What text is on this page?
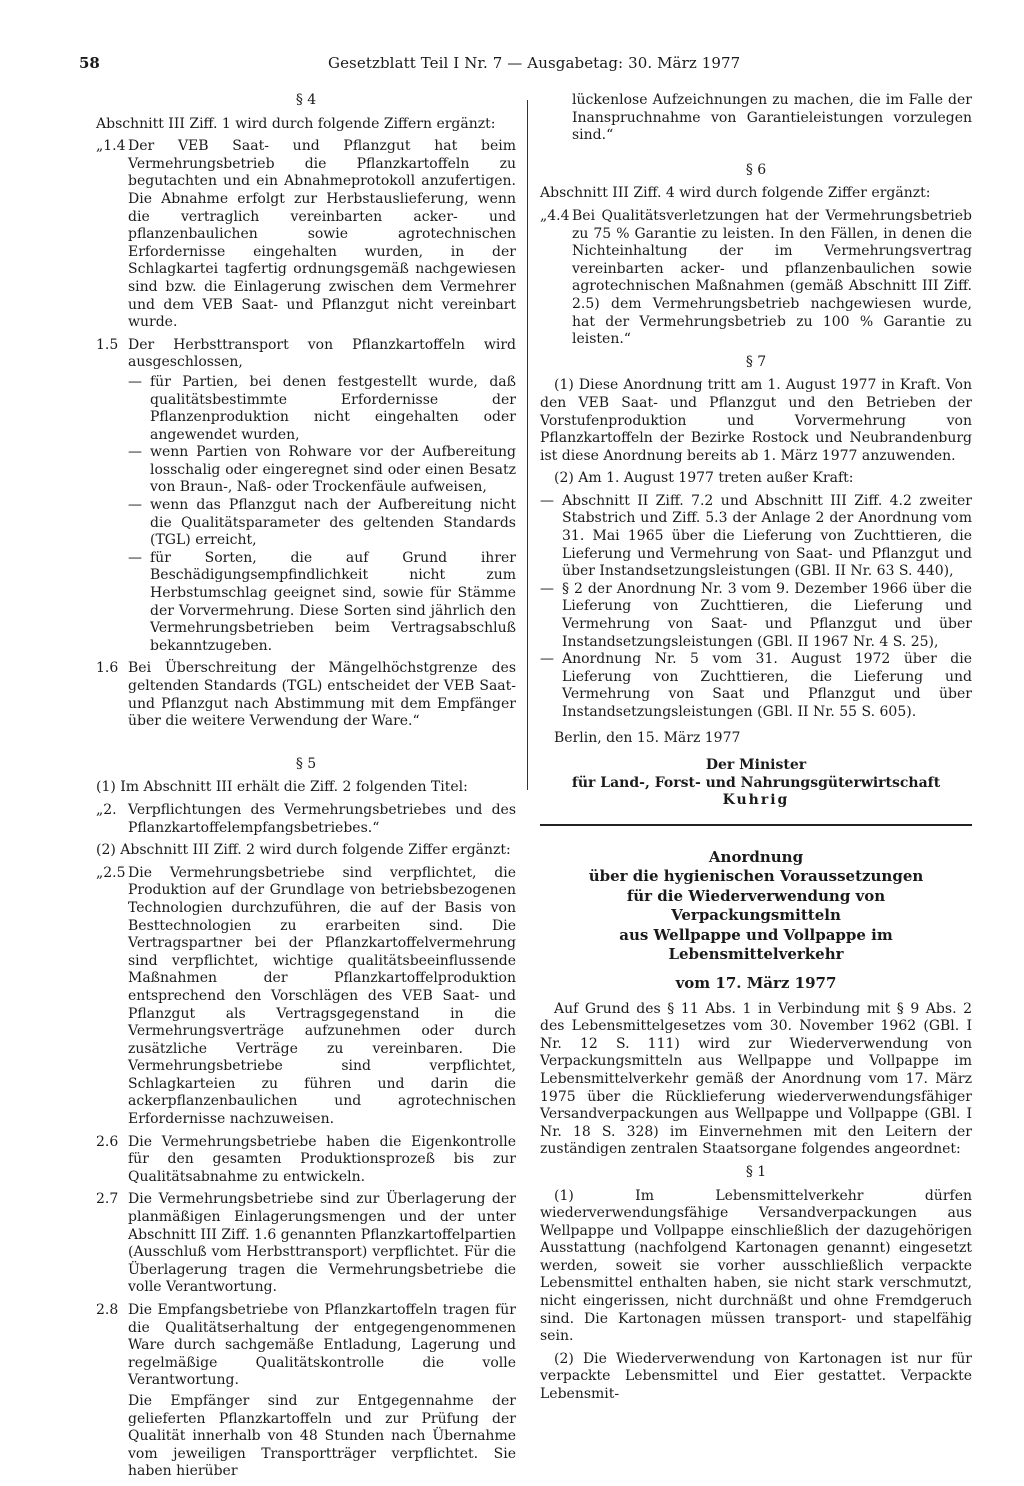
58	Gesetzblatt Teil I Nr. 7 — Ausgabetag: 30. März 1977
§ 4

Abschnitt III Ziff. 1 wird durch folgende Ziffern ergänzt:

„1.4 Der VEB Saat- und Pflanzgut hat beim Vermehrungsbetrieb die Pflanzkartoffeln zu begutachten und ein Abnahmeprotokoll anzufertigen. Die Abnahme erfolgt zur Herbstauslieferung, wenn die vertraglich vereinbarten acker- und pflanzenbaulichen sowie agrotechnischen Erfordernisse eingehalten wurden, in der Schlagkartei tagfertig ordnungsgemäß nachgewiesen sind bzw. die Einlagerung zwischen dem Vermehrer und dem VEB Saat- und Pflanzgut nicht vereinbart wurde.
1.5 Der Herbsttransport von Pflanzkartoffeln wird ausgeschlossen,
— für Partien, bei denen festgestellt wurde, daß qualitätsbestimmte Erfordernisse der Pflanzenproduktion nicht eingehalten oder angewendet wurden,
— wenn Partien von Rohware vor der Aufbereitung losschalig oder eingeregnet sind oder einen Besatz von Braun-, Naß- oder Trockenfäule aufweisen,
— wenn das Pflanzgut nach der Aufbereitung nicht die Qualitätsparameter des geltenden Standards (TGL) erreicht,
— für Sorten, die auf Grund ihrer Beschädigungsempfindlichkeit nicht zum Herbstumschlag geeignet sind, sowie für Stämme der Vorvermehrung. Diese Sorten sind jährlich den Vermehrungsbetrieben beim Vertragsabschluß bekanntzugeben.
1.6 Bei Überschreitung der Mängelhöchstgrenze des geltenden Standards (TGL) entscheidet der VEB Saat- und Pflanzgut nach Abstimmung mit dem Empfänger über die weitere Verwendung der Ware.“
§ 5

(1) Im Abschnitt III erhält die Ziff. 2 folgenden Titel:

„2. Verpflichtungen des Vermehrungsbetriebes und des Pflanzkartoffelempfangsbetriebes.“

(2) Abschnitt III Ziff. 2 wird durch folgende Ziffer ergänzt:

„2.5 Die Vermehrungsbetriebe sind verpflichtet, die Produktion auf der Grundlage von betriebsbezogenen Technologien durchzuführen, die auf der Basis von Besttechnologien zu erarbeiten sind. Die Vertragspartner bei der Pflanzkartoffelvermehrung sind verpflichtet, wichtige qualitätsbeeinflussende Maßnahmen der Pflanzkartoffelproduktion entsprechend den Vorschlägen des VEB Saat- und Pflanzgut als Vertragsgegenstand in die Vermehrungsverträge aufzunehmen oder durch zusätzliche Verträge zu vereinbaren. Die Vermehrungsbetriebe sind verpflichtet, Schlagkarteien zu führen und darin die ackerpflanzenbaulichen und agrotechnischen Erfordernisse nachzuweisen.
2.6 Die Vermehrungsbetriebe haben die Eigenkontrolle für den gesamten Produktionsprozeß bis zur Qualitätsabnahme zu entwickeln.
2.7 Die Vermehrungsbetriebe sind zur Überlagerung der planmäßigen Einlagerungsmengen und der unter Abschnitt III Ziff. 1.6 genannten Pflanzkartoffelpartien (Ausschluß vom Herbsttransport) verpflichtet. Für die Überlagerung tragen die Vermehrungsbetriebe die volle Verantwortung.
2.8 Die Empfangsbetriebe von Pflanzkartoffeln tragen für die Qualitätserhaltung der entgegengenommenen Ware durch sachgemäße Entladung, Lagerung und regelmäßige Qualitätskontrolle die volle Verantwortung.
Die Empfänger sind zur Entgegennahme der gelieferten Pflanzkartoffeln und zur Prüfung der Qualität innerhalb von 48 Stunden nach Übernahme vom jeweiligen Transportträger verpflichtet. Sie haben hierüber
lückenlose Aufzeichnungen zu machen, die im Falle der Inanspruchnahme von Garantieleistungen vorzulegen sind.“
§ 6

Abschnitt III Ziff. 4 wird durch folgende Ziffer ergänzt:

„4.4 Bei Qualitätsverletzungen hat der Vermehrungsbetrieb zu 75 % Garantie zu leisten. In den Fällen, in denen die Nichteinhaltung der im Vermehrungsvertrag vereinbarten acker- und pflanzenbaulichen sowie agrotechnischen Maßnahmen (gemäß Abschnitt III Ziff. 2.5) dem Vermehrungsbetrieb nachgewiesen wurde, hat der Vermehrungsbetrieb zu 100 % Garantie zu leisten.“
§ 7

(1) Diese Anordnung tritt am 1. August 1977 in Kraft. Von den VEB Saat- und Pflanzgut und den Betrieben der Vorstufenproduktion und Vorvermehrung von Pflanzkartoffeln der Bezirke Rostock und Neubrandenburg ist diese Anordnung bereits ab 1. März 1977 anzuwenden.

(2) Am 1. August 1977 treten außer Kraft:

— Abschnitt II Ziff. 7.2 und Abschnitt III Ziff. 4.2 zweiter Stabstrich und Ziff. 5.3 der Anlage 2 der Anordnung vom 31. Mai 1965 über die Lieferung von Zuchttieren, die Lieferung und Vermehrung von Saat- und Pflanzgut und über Instandsetzungsleistungen (GBl. II Nr. 63 S. 440),
— § 2 der Anordnung Nr. 3 vom 9. Dezember 1966 über die Lieferung von Zuchttieren, die Lieferung und Vermehrung von Saat- und Pflanzgut und über Instandsetzungsleistungen (GBl. II 1967 Nr. 4 S. 25),
— Anordnung Nr. 5 vom 31. August 1972 über die Lieferung von Zuchttieren, die Lieferung und Vermehrung von Saat und Pflanzgut und über Instandsetzungsleistungen (GBl. II Nr. 55 S. 605).

Berlin, den 15. März 1977

Der Minister

für Land-, Forst- und Nahrungsgüterwirtschaft

Kuhrig

Anordnung
über die hygienischen Voraussetzungen
für die Wiederverwendung von Verpackungsmitteln
aus Wellpappe und Vollpappe im Lebensmittelverkehr
vom 17. März 1977

Auf Grund des § 11 Abs. 1 in Verbindung mit § 9 Abs. 2 des Lebensmittelgesetzes vom 30. November 1962 (GBl. I Nr. 12 S. 111) wird zur Wiederverwendung von Verpackungsmitteln aus Wellpappe und Vollpappe im Lebensmittelverkehr gemäß der Anordnung vom 17. März 1975 über die Rücklieferung wiederverwendungsfähiger Versandverpackungen aus Wellpappe und Vollpappe (GBl. I Nr. 18 S. 328) im Einvernehmen mit den Leitern der zuständigen zentralen Staatsorgane folgendes angeordnet:

§ 1

(1) Im Lebensmittelverkehr dürfen wiederverwendungsfähige Versandverpackungen aus Wellpappe und Vollpappe einschließlich der dazugehörigen Ausstattung (nachfolgend Kartonagen genannt) eingesetzt werden, soweit sie vorher ausschließlich verpackte Lebensmittel enthalten haben, sie nicht stark verschmutzt, nicht eingerissen, nicht durchnäßt und ohne Fremdgeruch sind. Die Kartonagen müssen transport- und stapelfähig sein.

(2) Die Wiederverwendung von Kartonagen ist nur für verpackte Lebensmittel und Eier gestattet. Verpackte Lebensmit-
